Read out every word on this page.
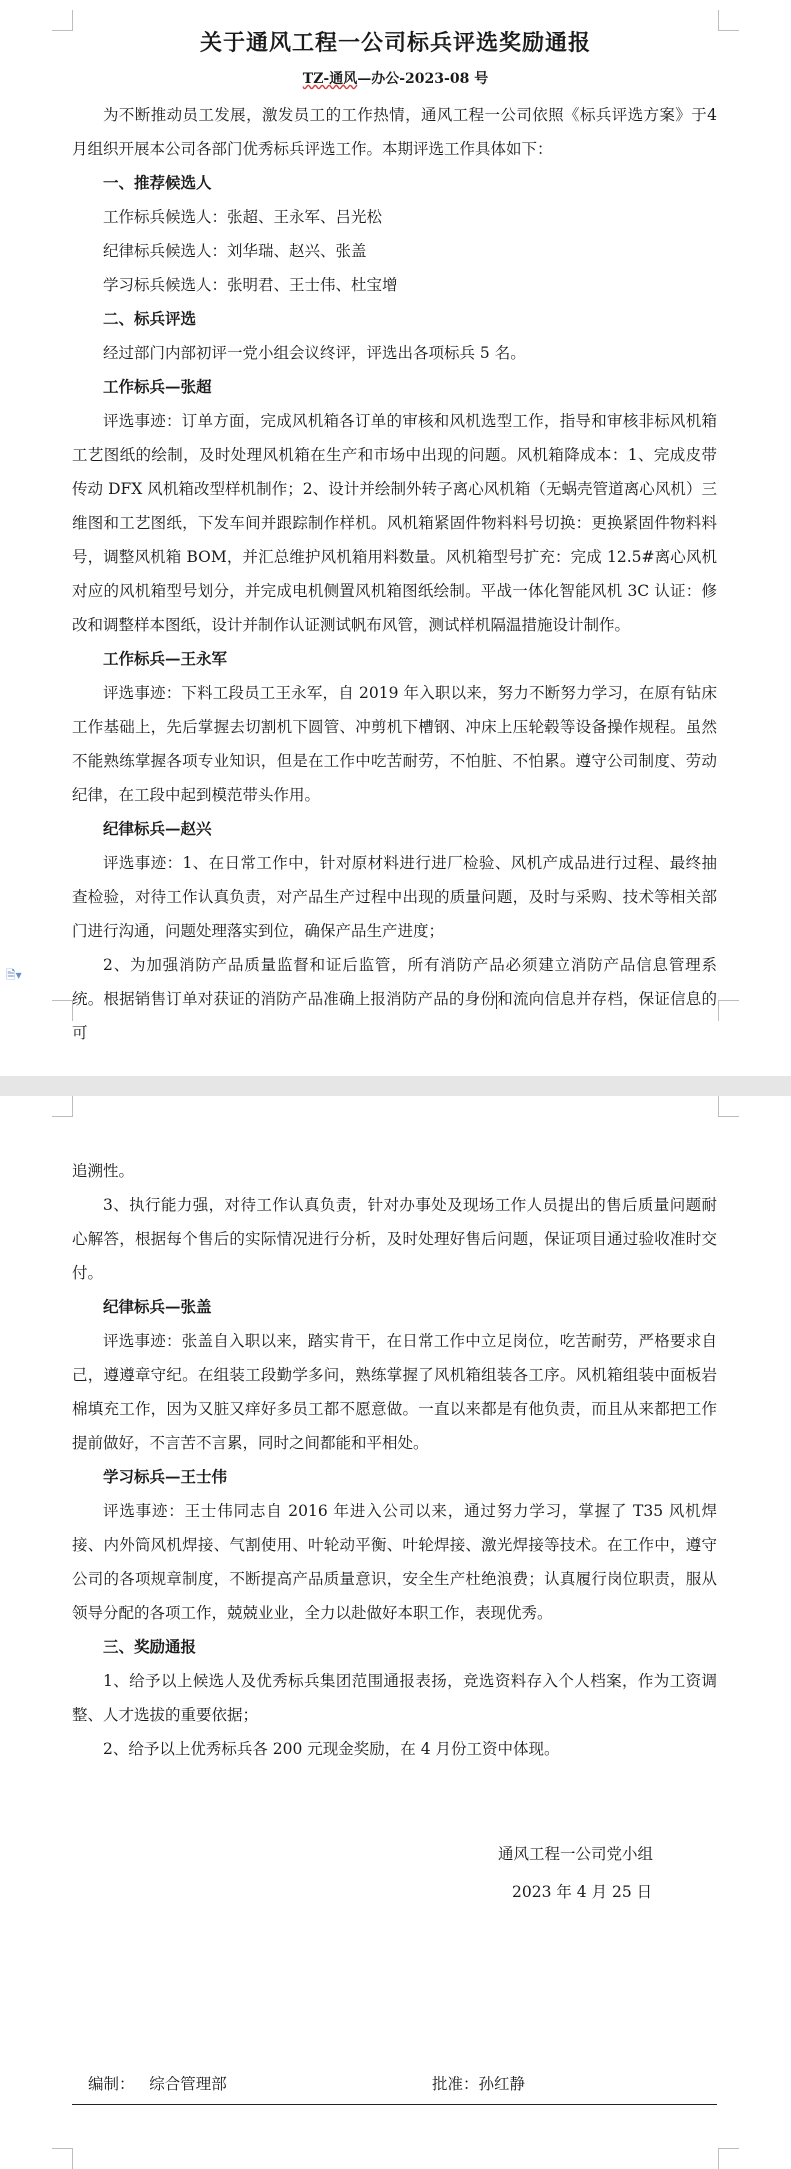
关于通风工程一公司标兵评选奖励通报
TZ-通风—办公-2023-08 号

为不断推动员工发展，激发员工的工作热情，通风工程一公司依照《标兵评选方案》于4月组织开展本公司各部门优秀标兵评选工作。本期评选工作具体如下：

一、推荐候选人

工作标兵候选人：张超、王永军、吕光松

纪律标兵候选人：刘华瑞、赵兴、张盖

学习标兵候选人：张明君、王士伟、杜宝增

二、标兵评选

经过部门内部初评一党小组会议终评，评选出各项标兵 5 名。

工作标兵—张超

评选事迹：订单方面，完成风机箱各订单的审核和风机选型工作，指导和审核非标风机箱工艺图纸的绘制，及时处理风机箱在生产和市场中出现的问题。风机箱降成本：1、完成皮带传动 DFX 风机箱改型样机制作；2、设计并绘制外转子离心风机箱（无蜗壳管道离心风机）三维图和工艺图纸，下发车间并跟踪制作样机。风机箱紧固件物料料号切换：更换紧固件物料料号，调整风机箱 BOM，并汇总维护风机箱用料数量。风机箱型号扩充：完成 12.5#离心风机对应的风机箱型号划分，并完成电机侧置风机箱图纸绘制。平战一体化智能风机 3C 认证：修改和调整样本图纸，设计并制作认证测试帆布风管，测试样机隔温措施设计制作。

工作标兵—王永军

评选事迹：下料工段员工王永军，自 2019 年入职以来，努力不断努力学习，在原有钻床工作基础上，先后掌握去切割机下圆管、冲剪机下槽钢、冲床上压轮毂等设备操作规程。虽然不能熟练掌握各项专业知识，但是在工作中吃苦耐劳，不怕脏、不怕累。遵守公司制度、劳动纪律，在工段中起到模范带头作用。

纪律标兵—赵兴

评选事迹：1、在日常工作中，针对原材料进行进厂检验、风机产成品进行过程、最终抽查检验，对待工作认真负责，对产品生产过程中出现的质量问题，及时与采购、技术等相关部门进行沟通，问题处理落实到位，确保产品生产进度；

2、为加强消防产品质量监督和证后监管，所有消防产品必须建立消防产品信息管理系统。根据销售订单对获证的消防产品准确上报消防产品的身份和流向信息并存档，保证信息的可

🗎▾

追溯性。

3、执行能力强，对待工作认真负责，针对办事处及现场工作人员提出的售后质量问题耐心解答，根据每个售后的实际情况进行分析，及时处理好售后问题，保证项目通过验收准时交付。

纪律标兵—张盖

评选事迹：张盖自入职以来，踏实肯干，在日常工作中立足岗位，吃苦耐劳，严格要求自己，遵遵章守纪。在组装工段勤学多问，熟练掌握了风机箱组装各工序。风机箱组装中面板岩棉填充工作，因为又脏又痒好多员工都不愿意做。一直以来都是有他负责，而且从来都把工作提前做好，不言苦不言累，同时之间都能和平相处。

学习标兵—王士伟

评选事迹：王士伟同志自 2016 年进入公司以来，通过努力学习，掌握了 T35 风机焊接、内外筒风机焊接、气割使用、叶轮动平衡、叶轮焊接、激光焊接等技术。在工作中，遵守公司的各项规章制度，不断提高产品质量意识，安全生产杜绝浪费；认真履行岗位职责，服从领导分配的各项工作，兢兢业业，全力以赴做好本职工作，表现优秀。

三、奖励通报

1、给予以上候选人及优秀标兵集团范围通报表扬，竞选资料存入个人档案，作为工资调整、人才选拔的重要依据；

2、给予以上优秀标兵各 200 元现金奖励，在 4 月份工资中体现。

通风工程一公司党小组
2023 年 4 月 25 日
编制： 综合管理部	批准：孙红静
